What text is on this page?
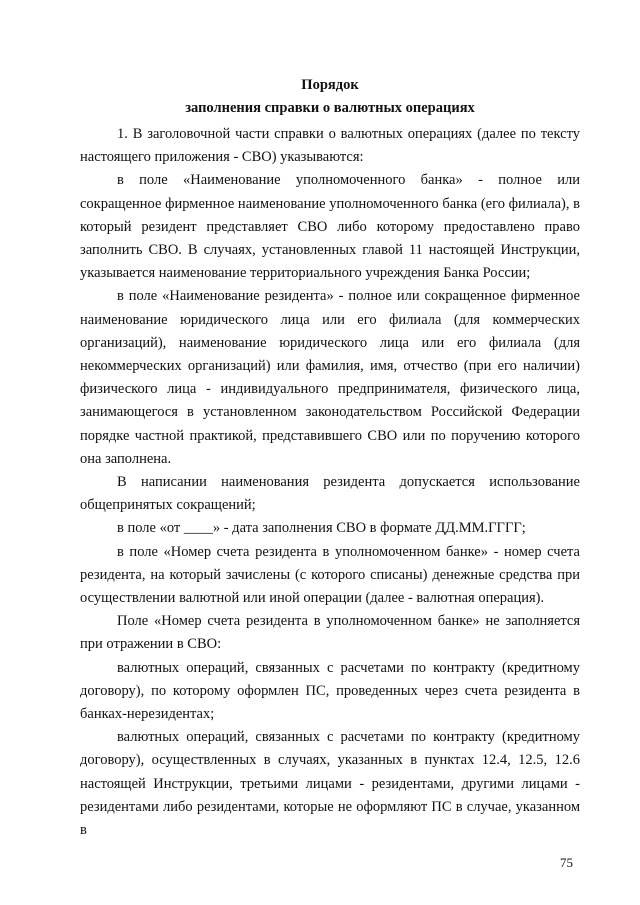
Порядок
заполнения справки о валютных операциях

1. В заголовочной части справки о валютных операциях (далее по тексту настоящего приложения - СВО) указываются:

в поле «Наименование уполномоченного банка» - полное или сокращенное фирменное наименование уполномоченного банка (его филиала), в который резидент представляет СВО либо которому предоставлено право заполнить СВО. В случаях, установленных главой 11 настоящей Инструкции, указывается наименование территориального учреждения Банка России;

в поле «Наименование резидента» - полное или сокращенное фирменное наименование юридического лица или его филиала (для коммерческих организаций), наименование юридического лица или его филиала (для некоммерческих организаций) или фамилия, имя, отчество (при его наличии) физического лица - индивидуального предпринимателя, физического лица, занимающегося в установленном законодательством Российской Федерации порядке частной практикой, представившего СВО или по поручению которого она заполнена.

В написании наименования резидента допускается использование общепринятых сокращений;

в поле «от ____» - дата заполнения СВО в формате ДД.ММ.ГГГГ;

в поле «Номер счета резидента в уполномоченном банке» - номер счета резидента, на который зачислены (с которого списаны) денежные средства при осуществлении валютной или иной операции (далее - валютная операция).

Поле «Номер счета резидента в уполномоченном банке» не заполняется при отражении в СВО:

валютных операций, связанных с расчетами по контракту (кредитному договору), по которому оформлен ПС, проведенных через счета резидента в банках-нерезидентах;

валютных операций, связанных с расчетами по контракту (кредитному договору), осуществленных в случаях, указанных в пунктах 12.4, 12.5, 12.6 настоящей Инструкции, третьими лицами - резидентами, другими лицами - резидентами либо резидентами, которые не оформляют ПС в случае, указанном в

75
